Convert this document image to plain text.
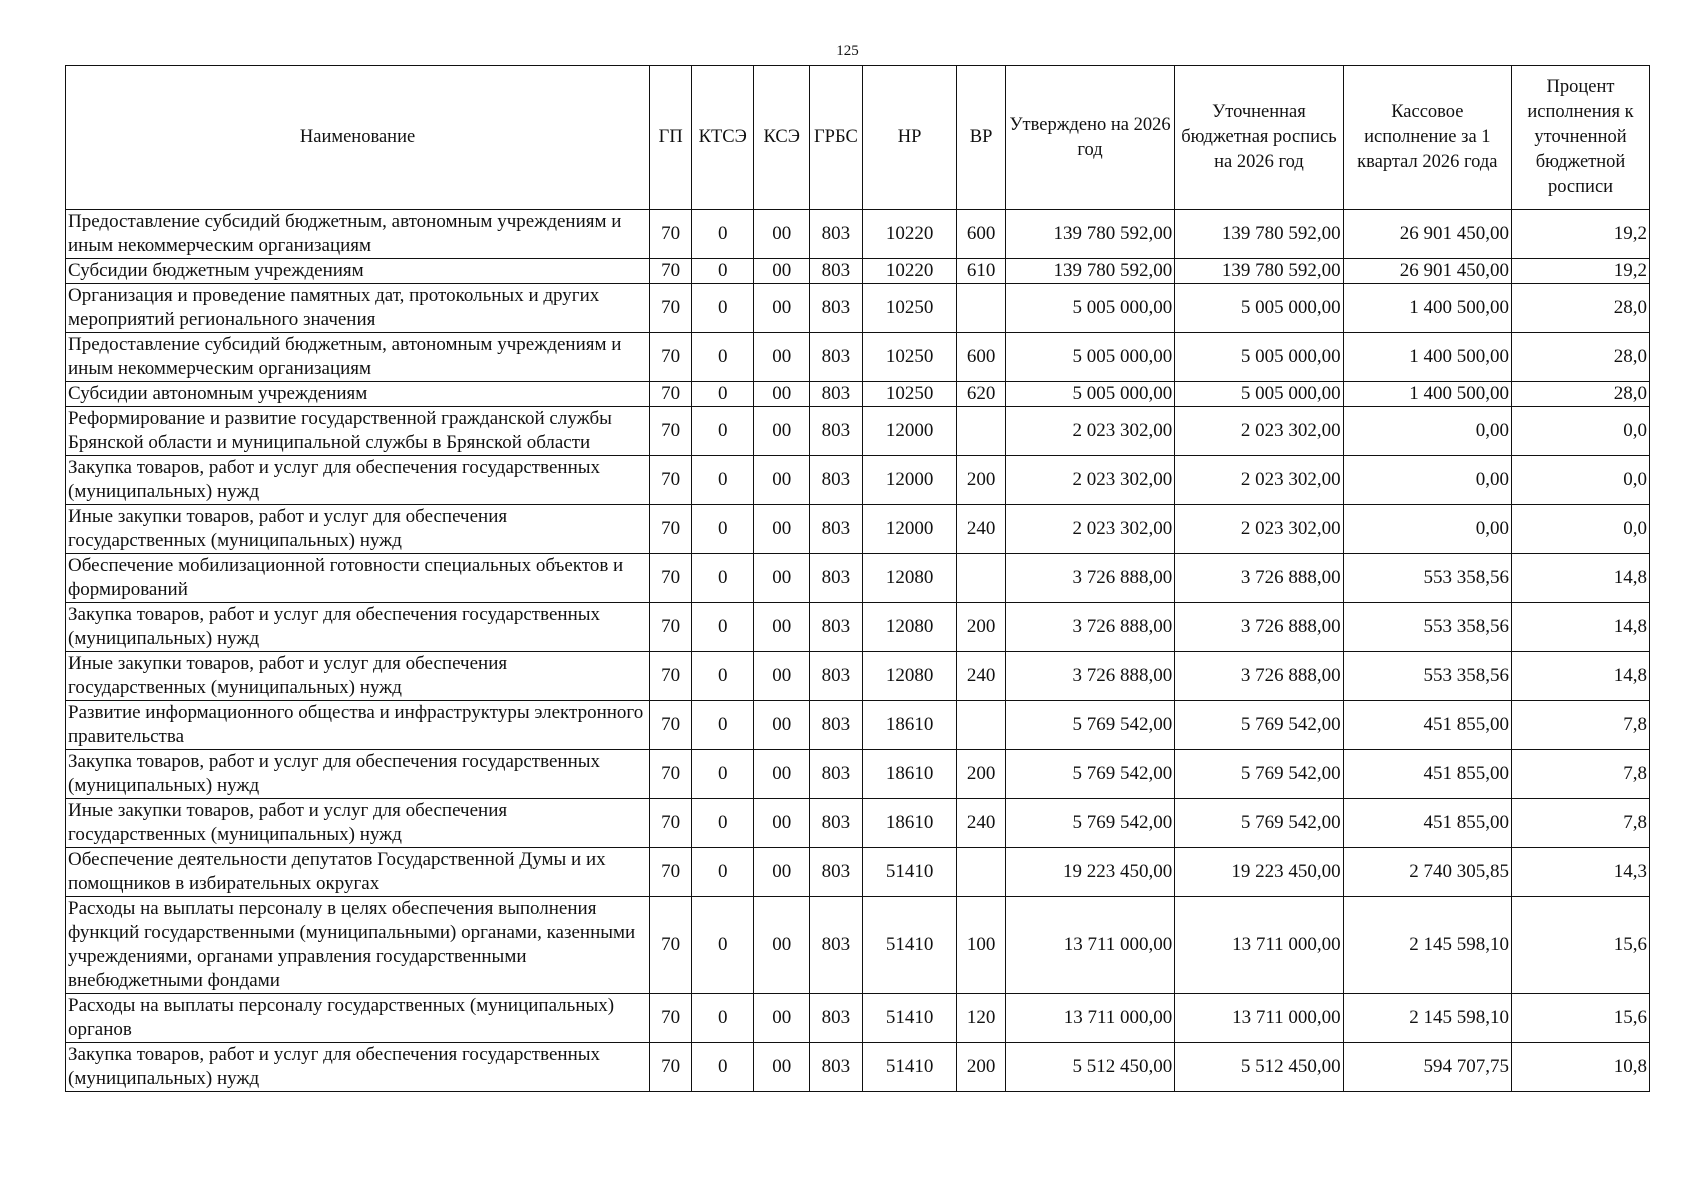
125
Наименование	ГП	КТСЭ	КСЭ	ГРБС	НР	ВР	Утверждено на 2026 год	Уточненная бюджетная роспись на 2026 год	Кассовое исполнение за 1 квартал 2026 года	Процент исполнения к уточненной бюджетной росписи
Предоставление субсидий бюджетным, автономным учреждениям и иным некоммерческим организациям	70	0	00	803	10220	600	139 780 592,00	139 780 592,00	26 901 450,00	19,2
Субсидии бюджетным учреждениям	70	0	00	803	10220	610	139 780 592,00	139 780 592,00	26 901 450,00	19,2
Организация и проведение памятных дат, протокольных и других мероприятий регионального значения	70	0	00	803	10250		5 005 000,00	5 005 000,00	1 400 500,00	28,0
Предоставление субсидий бюджетным, автономным учреждениям и иным некоммерческим организациям	70	0	00	803	10250	600	5 005 000,00	5 005 000,00	1 400 500,00	28,0
Субсидии автономным учреждениям	70	0	00	803	10250	620	5 005 000,00	5 005 000,00	1 400 500,00	28,0
Реформирование и развитие государственной гражданской службы Брянской области и муниципальной службы в Брянской области	70	0	00	803	12000		2 023 302,00	2 023 302,00	0,00	0,0
Закупка товаров, работ и услуг для обеспечения государственных (муниципальных) нужд	70	0	00	803	12000	200	2 023 302,00	2 023 302,00	0,00	0,0
Иные закупки товаров, работ и услуг для обеспечения государственных (муниципальных) нужд	70	0	00	803	12000	240	2 023 302,00	2 023 302,00	0,00	0,0
Обеспечение мобилизационной готовности специальных объектов и формирований	70	0	00	803	12080		3 726 888,00	3 726 888,00	553 358,56	14,8
Закупка товаров, работ и услуг для обеспечения государственных (муниципальных) нужд	70	0	00	803	12080	200	3 726 888,00	3 726 888,00	553 358,56	14,8
Иные закупки товаров, работ и услуг для обеспечения государственных (муниципальных) нужд	70	0	00	803	12080	240	3 726 888,00	3 726 888,00	553 358,56	14,8
Развитие информационного общества и инфраструктуры электронного правительства	70	0	00	803	18610		5 769 542,00	5 769 542,00	451 855,00	7,8
Закупка товаров, работ и услуг для обеспечения государственных (муниципальных) нужд	70	0	00	803	18610	200	5 769 542,00	5 769 542,00	451 855,00	7,8
Иные закупки товаров, работ и услуг для обеспечения государственных (муниципальных) нужд	70	0	00	803	18610	240	5 769 542,00	5 769 542,00	451 855,00	7,8
Обеспечение деятельности депутатов Государственной Думы и их помощников в избирательных округах	70	0	00	803	51410		19 223 450,00	19 223 450,00	2 740 305,85	14,3
Расходы на выплаты персоналу в целях обеспечения выполнения функций государственными (муниципальными) органами, казенными учреждениями, органами управления государственными внебюджетными фондами	70	0	00	803	51410	100	13 711 000,00	13 711 000,00	2 145 598,10	15,6
Расходы на выплаты персоналу государственных (муниципальных) органов	70	0	00	803	51410	120	13 711 000,00	13 711 000,00	2 145 598,10	15,6
Закупка товаров, работ и услуг для обеспечения государственных (муниципальных) нужд	70	0	00	803	51410	200	5 512 450,00	5 512 450,00	594 707,75	10,8
